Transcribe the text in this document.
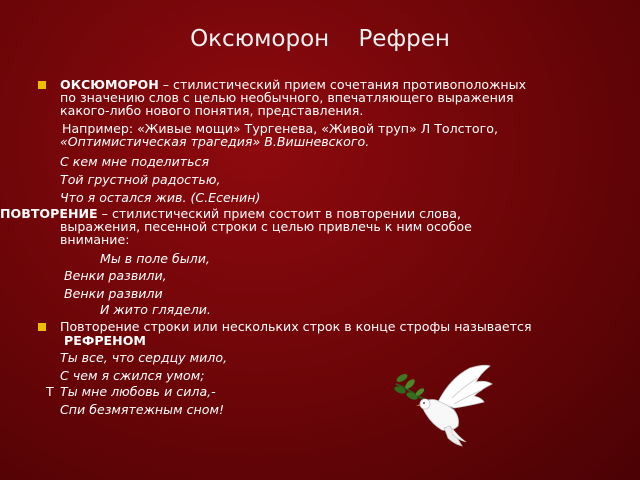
Оксюморон    Рефрен
ОКСЮМОРОН – стилистический прием сочетания противоположных
по значению слов с целью необычного, впечатляющего выражения
какого-либо нового понятия, представления.
Например: «Живые мощи» Тургенева, «Живой труп» Л Толстого,
«Оптимистическая трагедия» В.Вишневского.
С кем мне поделиться
Той грустной радостью,
Что я остался жив. (С.Есенин)
ПОВТОРЕНИЕ – стилистический прием состоит в повторении слова,
выражения, песенной строки с целью привлечь к ним особое
внимание:
Мы в поле были,
Венки развили,
Венки развили
И жито глядели.
Повторение строки или нескольких строк в конце строфы называется
РЕФРЕНОМ
Ты все, что сердцу мило,
С чем я сжился умом;
Т Ты мне любовь и сила,-
Спи безмятежным сном!
